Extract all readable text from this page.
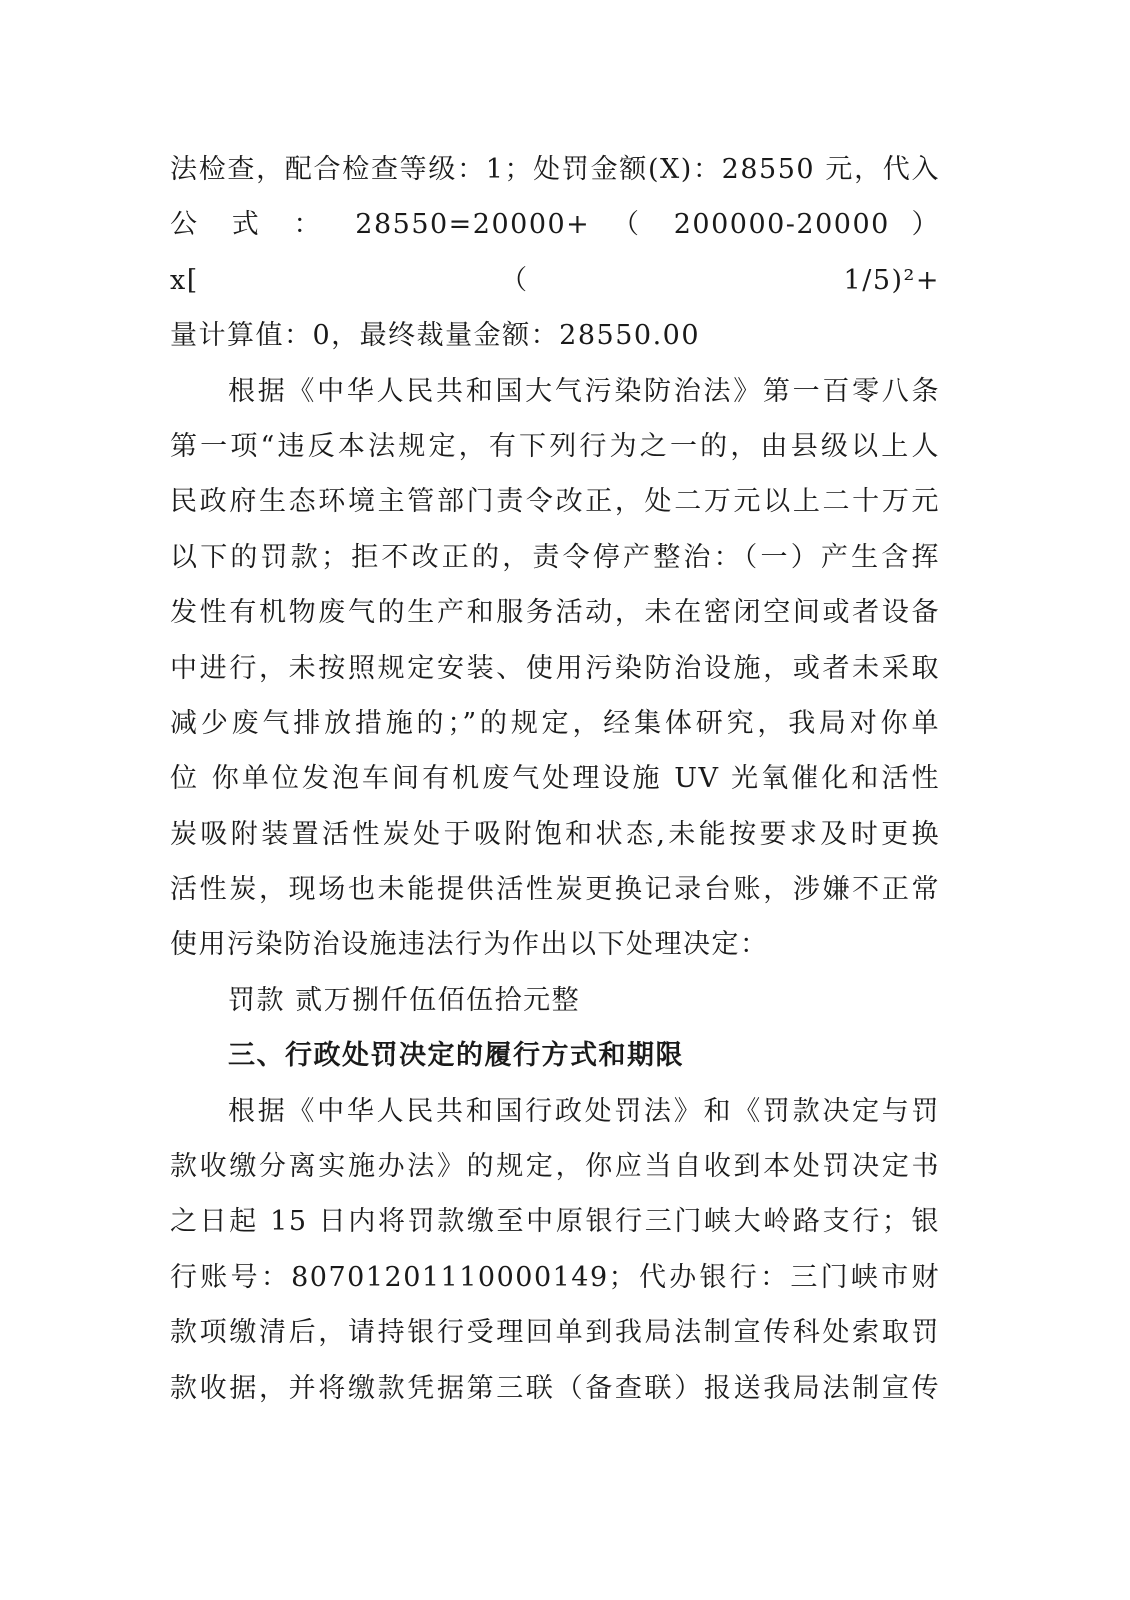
法检查，配合检查等级：1；处罚金额(X)：28550 元，代入
公 式 ： 28550=20000+ （ 200000-20000 ）
x[（1/5)²+
量计算值：0，最终裁量金额：28550.00
根据《中华人民共和国大气污染防治法》第一百零八条
第一项“违反本法规定，有下列行为之一的，由县级以上人
民政府生态环境主管部门责令改正，处二万元以上二十万元
以下的罚款；拒不改正的，责令停产整治：（一）产生含挥
发性有机物废气的生产和服务活动，未在密闭空间或者设备
中进行，未按照规定安装、使用污染防治设施，或者未采取
减少废气排放措施的；”的规定，经集体研究，我局对你单
位 你单位发泡车间有机废气处理设施 UV 光氧催化和活性
炭吸附装置活性炭处于吸附饱和状态,未能按要求及时更换
活性炭，现场也未能提供活性炭更换记录台账，涉嫌不正常
使用污染防治设施违法行为作出以下处理决定：
罚款 贰万捌仟伍佰伍拾元整
三、行政处罚决定的履行方式和期限
根据《中华人民共和国行政处罚法》和《罚款决定与罚
款收缴分离实施办法》的规定，你应当自收到本处罚决定书
之日起 15 日内将罚款缴至中原银行三门峡大岭路支行；银
行账号：80701201110000149；代办银行：三门峡市财
款项缴清后，请持银行受理回单到我局法制宣传科处索取罚
款收据，并将缴款凭据第三联（备查联）报送我局法制宣传
